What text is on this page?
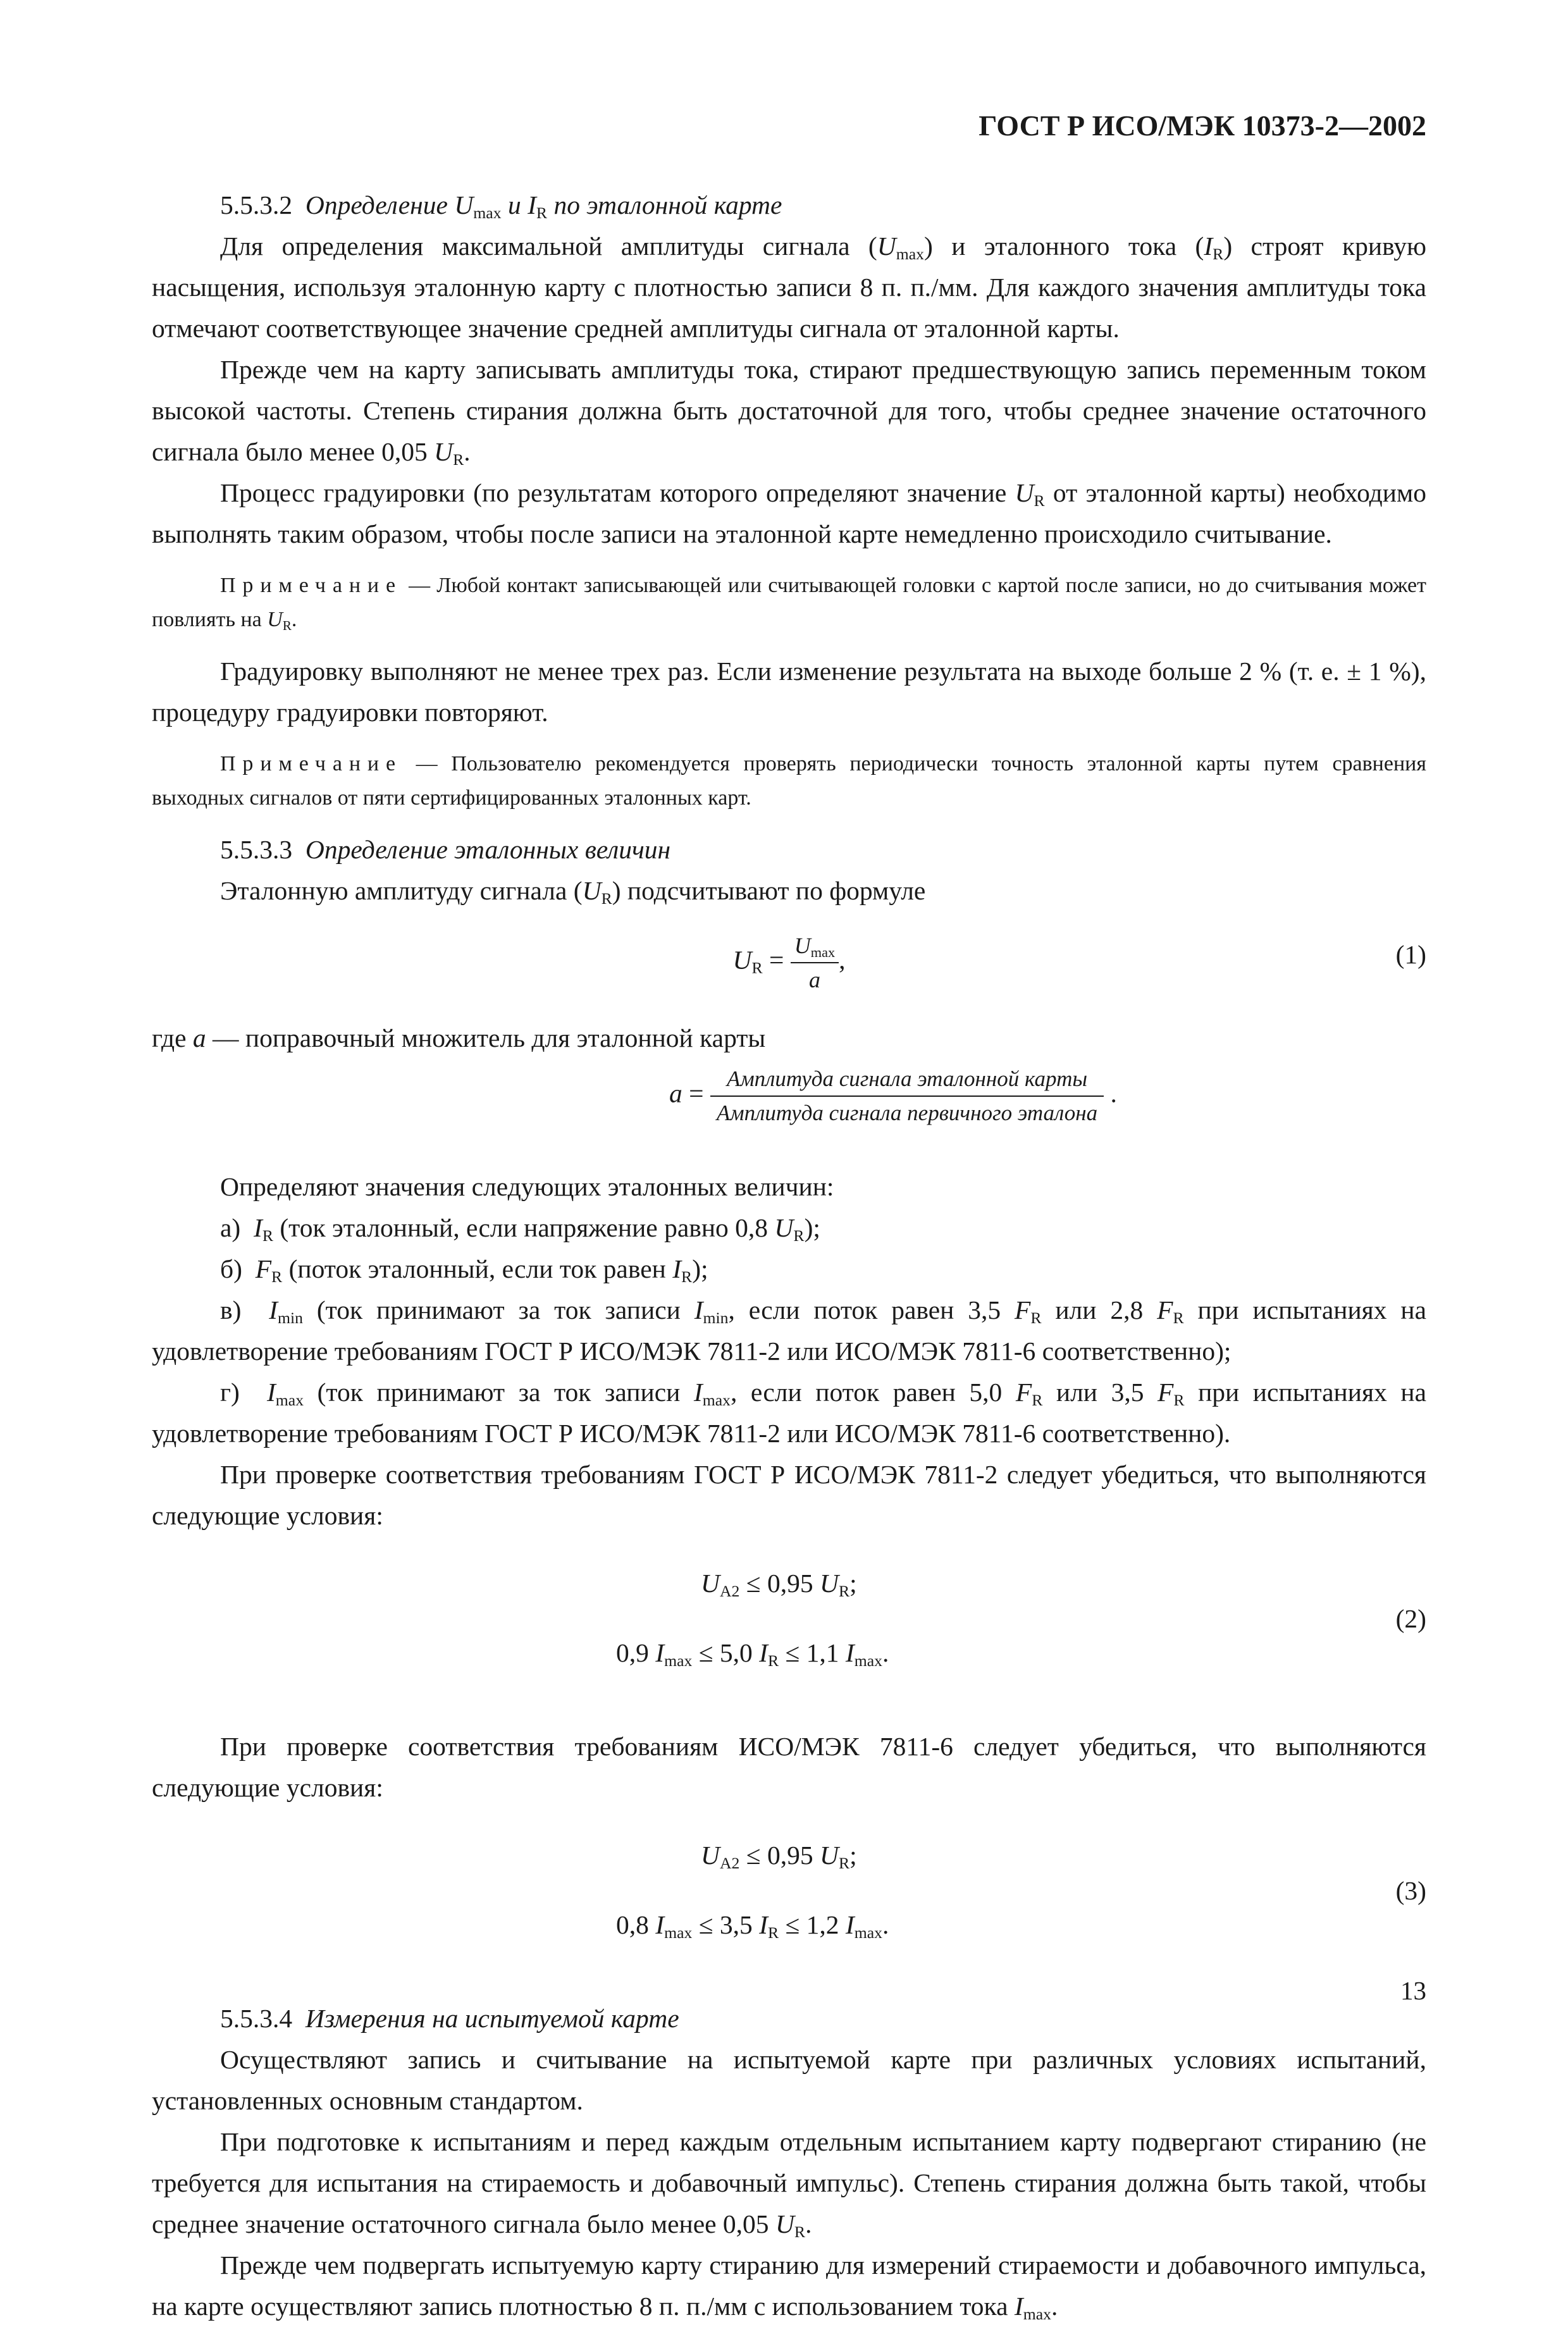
ГОСТ Р ИСО/МЭК 10373-2—2002

5.5.3.2 Определение $U_{max}$ и $I_R$ по эталонной карте

Для определения максимальной амплитуды сигнала $(U_{max})$ и эталонного тока $(I_R)$ строят кривую насыщения, используя эталонную карту с плотностью записи 8 п. п./мм. Для каждого значения амплитуды тока отмечают соответствующее значение средней амплитуды сигнала от эталонной карты.

Прежде чем на карту записывать амплитуды тока, стирают предшествующую запись переменным током высокой частоты. Степень стирания должна быть достаточной для того, чтобы среднее значение остаточного сигнала было менее 0,05 $U_R$.

Процесс градуировки (по результатам которого определяют значение $U_R$ от эталонной карты) необходимо выполнять таким образом, чтобы после записи на эталонной карте немедленно происходило считывание.

Примечание — Любой контакт записывающей или считывающей головки с картой после записи, но до считывания может повлиять на $U_R$.

Градуировку выполняют не менее трех раз. Если изменение результата на выходе больше 2 % (т. е. ± 1 %), процедуру градуировки повторяют.

Примечание — Пользователю рекомендуется проверять периодически точность эталонной карты путем сравнения выходных сигналов от пяти сертифицированных эталонных карт.

5.5.3.3 Определение эталонных величин

Эталонную амплитуду сигнала $(U_R)$ подсчитывают по формуле

$U_R = \frac{U_{max}}{a}$ ,	(1)

где a — поправочный множитель для эталонной карты

$a = \frac{\text{Амплитуда сигнала эталонной карты}}{\text{Амплитуда сигнала первичного эталона}}$ .

Определяют значения следующих эталонных величин:

а) $I_R$ (ток эталонный, если напряжение равно 0,8 $U_R$);

б) $F_R$ (поток эталонный, если ток равен $I_R$);

в) $I_{min}$ (ток принимают за ток записи $I_{min}$, если поток равен 3,5 $F_R$ или 2,8 $F_R$ при испытаниях на удовлетворение требованиям ГОСТ Р ИСО/МЭК 7811-2 или ИСО/МЭК 7811-6 соответственно);

г) $I_{max}$ (ток принимают за ток записи $I_{max}$, если поток равен 5,0 $F_R$ или 3,5 $F_R$ при испытаниях на удовлетворение требованиям ГОСТ Р ИСО/МЭК 7811-2 или ИСО/МЭК 7811-6 соответственно).

При проверке соответствия требованиям ГОСТ Р ИСО/МЭК 7811-2 следует убедиться, что выполняются следующие условия:

$U_{A2} \le 0,95$ $U_R$;
0,9 $I_{max} \le 5,0$ $I_R \le 1,1$ $I_{max}$.
(2)

При проверке соответствия требованиям ИСО/МЭК 7811-6 следует убедиться, что выполняются следующие условия:

$U_{A2} \le 0,95$ $U_R$;
0,8 $I_{max} \le 3,5$ $I_R \le 1,2$ $I_{max}$.
(3)

5.5.3.4 Измерения на испытуемой карте

Осуществляют запись и считывание на испытуемой карте при различных условиях испытаний, установленных основным стандартом.

При подготовке к испытаниям и перед каждым отдельным испытанием карту подвергают стиранию (не требуется для испытания на стираемость и добавочный импульс). Степень стирания должна быть такой, чтобы среднее значение остаточного сигнала было менее 0,05 $U_R$.

Прежде чем подвергать испытуемую карту стиранию для измерений стираемости и добавочного импульса, на карте осуществляют запись плотностью 8 п. п./мм с использованием тока $I_{max}$.

13
